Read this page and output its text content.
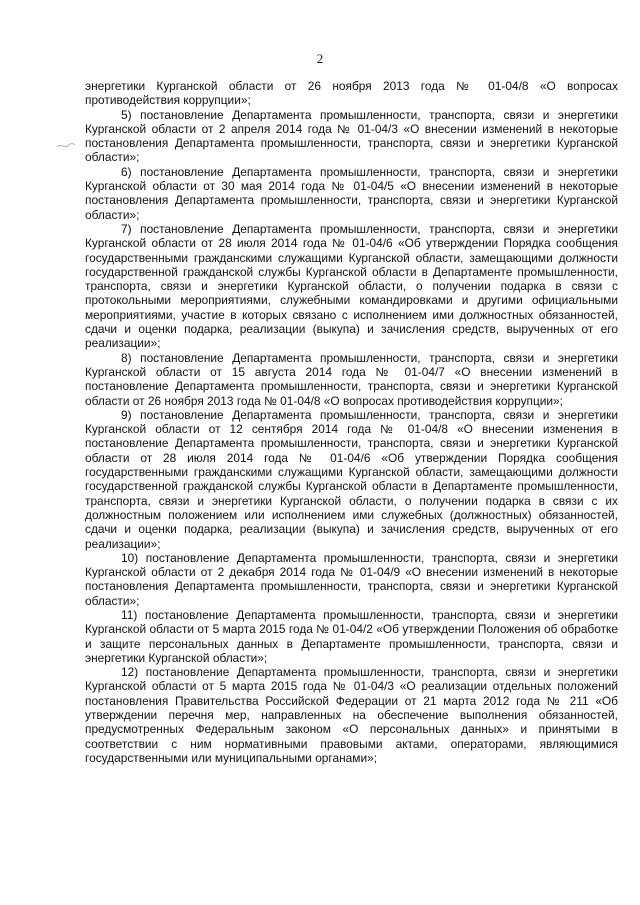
2

энергетики Курганской области от 26 ноября 2013 года № 01-04/8 «О вопросах противодействия коррупции»;

5) постановление Департамента промышленности, транспорта, связи и энергетики Курганской области от 2 апреля 2014 года № 01-04/3 «О внесении изменений в некоторые постановления Департамента промышленности, транспорта, связи и энергетики Курганской области»;

6) постановление Департамента промышленности, транспорта, связи и энергетики Курганской области от 30 мая 2014 года № 01-04/5 «О внесении изменений в некоторые постановления Департамента промышленности, транспорта, связи и энергетики Курганской области»;

7) постановление Департамента промышленности, транспорта, связи и энергетики Курганской области от 28 июля 2014 года № 01-04/6 «Об утверждении Порядка сообщения государственными гражданскими служащими Курганской области, замещающими должности государственной гражданской службы Курганской области в Департаменте промышленности, транспорта, связи и энергетики Курганской области, о получении подарка в связи с протокольными мероприятиями, служебными командировками и другими официальными мероприятиями, участие в которых связано с исполнением ими должностных обязанностей, сдачи и оценки подарка, реализации (выкупа) и зачисления средств, вырученных от его реализации»;

8) постановление Департамента промышленности, транспорта, связи и энергетики Курганской области от 15 августа 2014 года № 01-04/7 «О внесении изменений в постановление Департамента промышленности, транспорта, связи и энергетики Курганской области от 26 ноября 2013 года № 01-04/8 «О вопросах противодействия коррупции»;

9) постановление Департамента промышленности, транспорта, связи и энергетики Курганской области от 12 сентября 2014 года № 01-04/8 «О внесении изменения в постановление Департамента промышленности, транспорта, связи и энергетики Курганской области от 28 июля 2014 года № 01-04/6 «Об утверждении Порядка сообщения государственными гражданскими служащими Курганской области, замещающими должности государственной гражданской службы Курганской области в Департаменте промышленности, транспорта, связи и энергетики Курганской области, о получении подарка в связи с их должностным положением или исполнением ими служебных (должностных) обязанностей, сдачи и оценки подарка, реализации (выкупа) и зачисления средств, вырученных от его реализации»;

10) постановление Департамента промышленности, транспорта, связи и энергетики Курганской области от 2 декабря 2014 года № 01-04/9 «О внесении изменений в некоторые постановления Департамента промышленности, транспорта, связи и энергетики Курганской области»;

11) постановление Департамента промышленности, транспорта, связи и энергетики Курганской области от 5 марта 2015 года № 01-04/2 «Об утверждении Положения об обработке и защите персональных данных в Департаменте промышленности, транспорта, связи и энергетики Курганской области»;

12) постановление Департамента промышленности, транспорта, связи и энергетики Курганской области от 5 марта 2015 года № 01-04/3 «О реализации отдельных положений постановления Правительства Российской Федерации от 21 марта 2012 года № 211 «Об утверждении перечня мер, направленных на обеспечение выполнения обязанностей, предусмотренных Федеральным законом «О персональных данных» и принятыми в соответствии с ним нормативными правовыми актами, операторами, являющимися государственными или муниципальными органами»;
